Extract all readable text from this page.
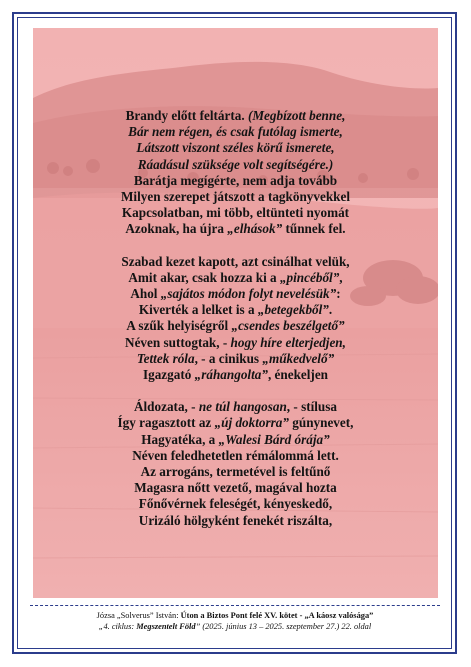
Brandy előtt feltárta. (Megbízott benne,
Bár nem régen, és csak futólag ismerte,
Látszott viszont széles körű ismerete,
Ráadásul szüksége volt segítségére.)
Barátja megígérte, nem adja tovább
Milyen szerepet játszott a tagkönyvekkel
Kapcsolatban, mi több, eltünteti nyomát
Azoknak, ha újra „elhások” tűnnek fel.
Szabad kezet kapott, azt csinálhat velük,
Amit akar, csak hozza ki a „pincéből”,
Ahol „sajátos módon folyt nevelésük”:
Kiverték a lelket is a „betegekből”.
A szűk helyiségről „csendes beszélgető”
Néven suttogtak, - hogy híre elterjedjen,
Tettek róla, - a cinikus „műkedvelő”
Igazgató „ráhangolta”, énekeljen
Áldozata, - ne túl hangosan, - stílusa
Így ragasztott az „új doktorra” gúnynevet,
Hagyatéka, a „Walesi Bárd órája”
Néven feledhetetlen rémálommá lett.
Az arrogáns, termetével is feltűnő
Magasra nőtt vezető, magával hozta
Főnővérnek feleségét, kényeskedő,
Urizáló hölgyként fenekét riszálta,
Józsa „Solverus” István: Úton a Biztos Pont felé XV. kötet - „A káosz valósága”
„4. ciklus: Megszentelt Föld” (2025. június 13 – 2025. szeptember 27.) 22. oldal
